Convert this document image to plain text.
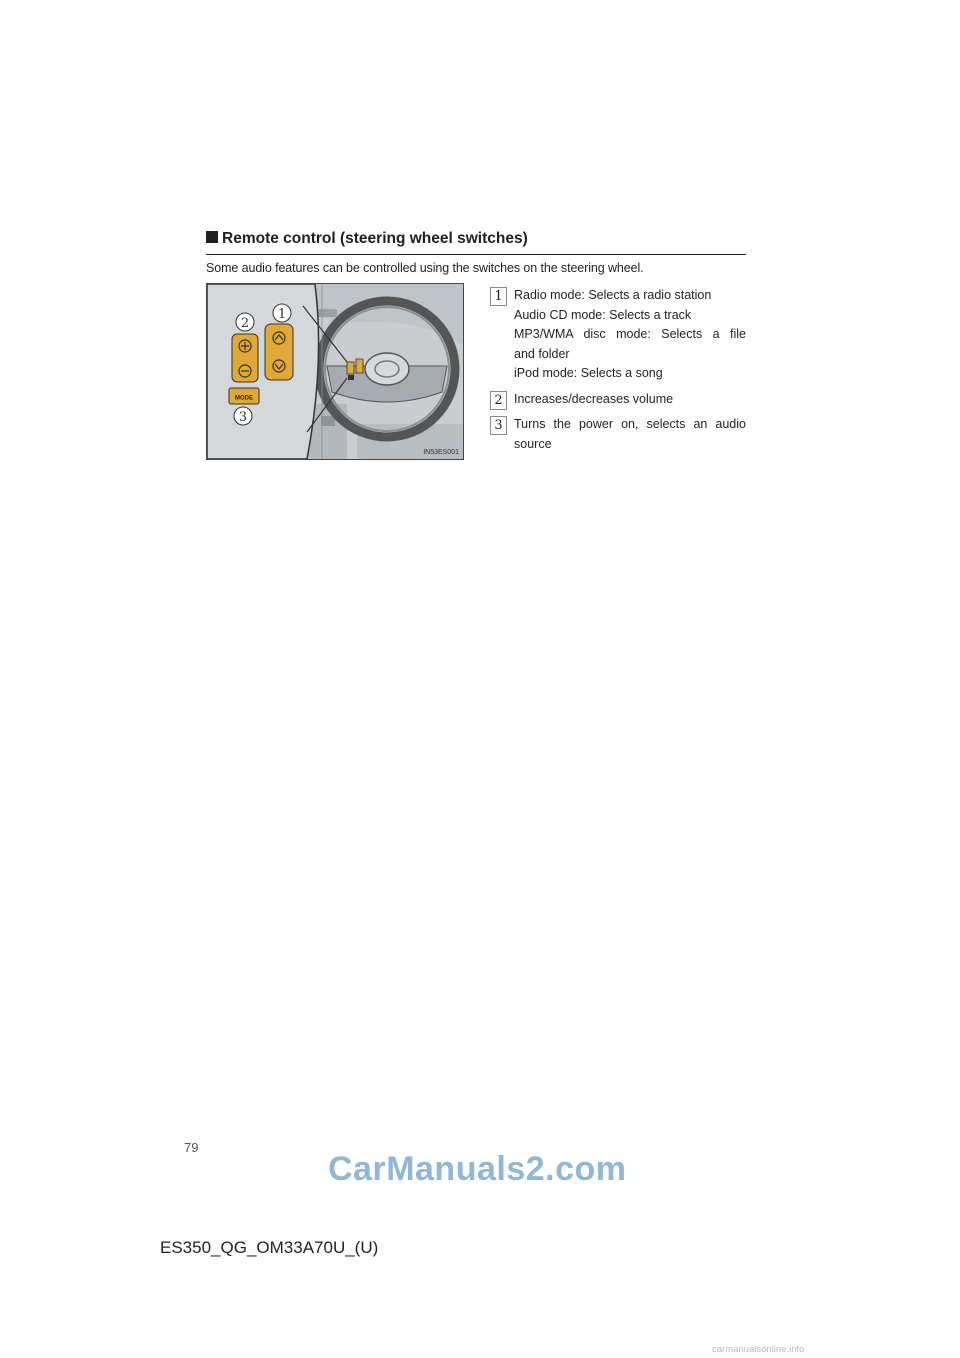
Remote control (steering wheel switches)
Some audio features can be controlled using the switches on the steering wheel.
MODE
1
2
3
IN53ES001
1 Radio mode: Selects a radio station
Audio CD mode: Selects a track
MP3/WMA disc mode: Selects a file
and folder
iPod mode: Selects a song
2 Increases/decreases volume
3 Turns the power on, selects an audio
source
79
CarManuals2.com
ES350_QG_OM33A70U_(U)
carmanualsonline.info
